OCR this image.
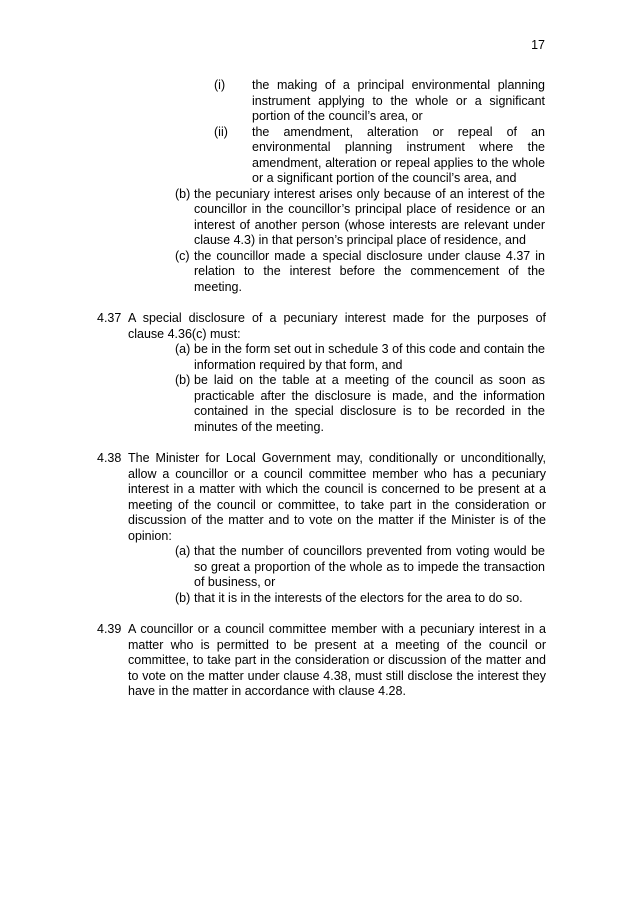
17
(i) the making of a principal environmental planning instrument applying to the whole or a significant portion of the council’s area, or
(ii) the amendment, alteration or repeal of an environmental planning instrument where the amendment, alteration or repeal applies to the whole or a significant portion of the council’s area, and
(b) the pecuniary interest arises only because of an interest of the councillor in the councillor’s principal place of residence or an interest of another person (whose interests are relevant under clause 4.3) in that person’s principal place of residence, and
(c) the councillor made a special disclosure under clause 4.37 in relation to the interest before the commencement of the meeting.
4.37 A special disclosure of a pecuniary interest made for the purposes of clause 4.36(c) must:
(a) be in the form set out in schedule 3 of this code and contain the information required by that form, and
(b) be laid on the table at a meeting of the council as soon as practicable after the disclosure is made, and the information contained in the special disclosure is to be recorded in the minutes of the meeting.
4.38 The Minister for Local Government may, conditionally or unconditionally, allow a councillor or a council committee member who has a pecuniary interest in a matter with which the council is concerned to be present at a meeting of the council or committee, to take part in the consideration or discussion of the matter and to vote on the matter if the Minister is of the opinion:
(a) that the number of councillors prevented from voting would be so great a proportion of the whole as to impede the transaction of business, or
(b) that it is in the interests of the electors for the area to do so.
4.39 A councillor or a council committee member with a pecuniary interest in a matter who is permitted to be present at a meeting of the council or committee, to take part in the consideration or discussion of the matter and to vote on the matter under clause 4.38, must still disclose the interest they have in the matter in accordance with clause 4.28.
